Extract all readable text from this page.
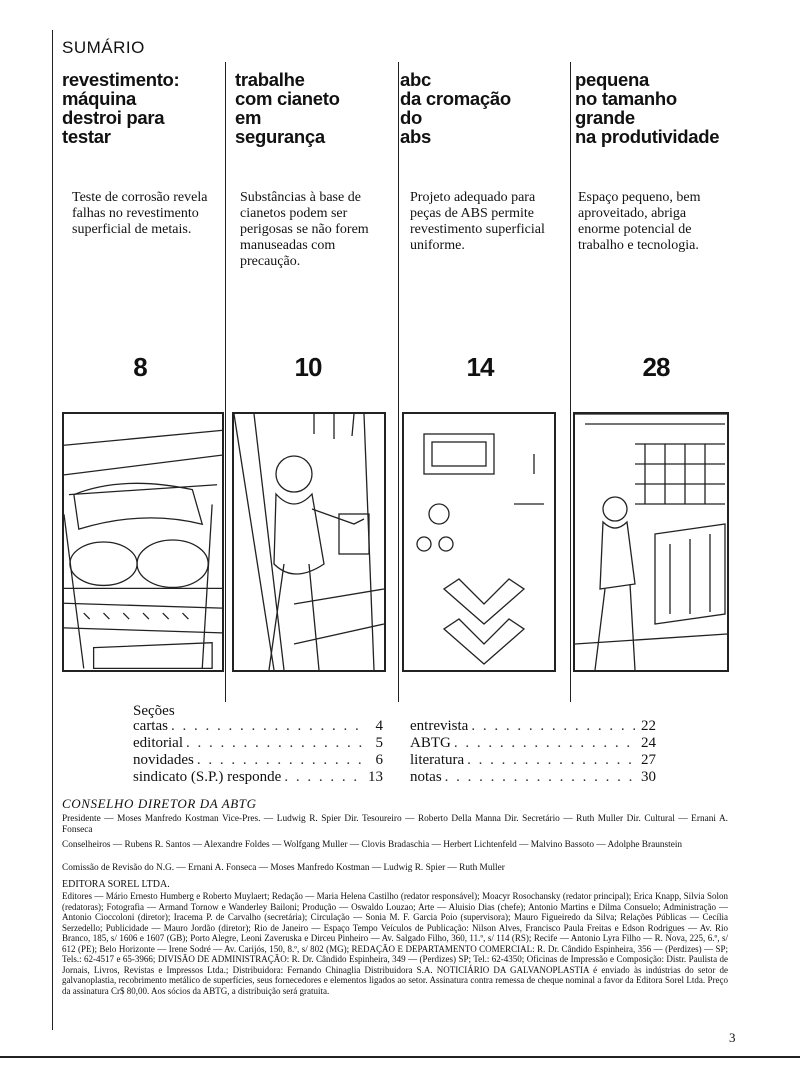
SUMÁRIO
revestimento:
máquina
destroi para
testar
Teste de corrosão revela falhas no revestimento superficial de metais.
8
trabalhe
com cianeto
em
segurança
Substâncias à base de cianetos podem ser perigosas se não forem manuseadas com precaução.
10
abc
da cromação
do
abs
Projeto adequado para peças de ABS permite revestimento superficial uniforme.
14
pequena
no tamanho
grande
na produtividade
Espaço pequeno, bem aproveitado, abriga enorme potencial de trabalho e tecnologia.
28
Seções
cartas . . .	4
editorial . . .	5
novidades . . .	6
sindicato (S.P.) responde . . .	13
entrevista . . .	22
ABTG . . .	24
literatura . . .	27
notas . . .	30
CONSELHO DIRETOR DA ABTG
Presidente — Moses Manfredo Kostman Vice-Pres. — Ludwig R. Spier Dir. Tesoureiro — Roberto Della Manna Dir. Secretário — Ruth Muller Dir. Cultural — Ernani A. Fonseca
Conselheiros — Rubens R. Santos — Alexandre Foldes — Wolfgang Muller — Clovis Bradaschia — Herbert Lichtenfeld — Malvino Bassoto — Adolphe Braunstein
Comissão de Revisão do N.G. — Ernani A. Fonseca — Moses Manfredo Kostman — Ludwig R. Spier — Ruth Muller
EDITORA SOREL LTDA.
Editores — Mário Ernesto Humberg e Roberto Muylaert; Redação — Maria Helena Castilho (redator responsável); Moacyr Rosochansky (redator principal); Erica Knapp, Silvia Solon (redatoras); Fotografia — Armand Tornow e Wanderley Bailoni; Produção — Oswaldo Louzao; Arte — Aluisio Dias (chefe); Antonio Martins e Dilma Consuelo; Administração — Antonio Cioccoloni (diretor); Iracema P. de Carvalho (secretária); Circulação — Sonia M. F. Garcia Poio (supervisora); Mauro Figueiredo da Silva; Relações Públicas — Cecília Serzedello; Publicidade — Mauro Jordão (diretor); Rio de Janeiro — Espaço Tempo Veículos de Publicação: Nilson Alves, Francisco Paula Freitas e Edson Rodrigues — Av. Rio Branco, 185, s/ 1606 e 1607 (GB); Porto Alegre, Leoni Zaveruska e Dirceu Pinheiro — Av. Salgado Filho, 360, 11.º, s/ 114 (RS); Recife — Antonio Lyra Filho — R. Nova, 225, 6.º, s/ 612 (PE); Belo Horizonte — Irene Sodré — Av. Carijós, 150, 8.º, s/ 802 (MG); REDAÇÃO E DEPARTAMENTO COMERCIAL: R. Dr. Cândido Espinheira, 356 — (Perdizes) — SP; Tels.: 62-4517 e 65-3966; DIVISÃO DE ADMINISTRAÇÃO: R. Dr. Cândido Espinheira, 349 — (Perdizes) SP; Tel.: 62-4350; Oficinas de Impressão e Composição: Distr. Paulista de Jornais, Livros, Revistas e Impressos Ltda.; Distribuidora: Fernando Chinaglia Distribuidora S.A. NOTICIÁRIO DA GALVANOPLASTIA é enviado às indústrias do setor de galvanoplastia, recobrimento metálico de superfícies, seus fornecedores e elementos ligados ao setor. Assinatura contra remessa de cheque nominal a favor da Editora Sorel Ltda. Preço da assinatura Cr$ 80,00. Aos sócios da ABTG, a distribuição será gratuita.
3
